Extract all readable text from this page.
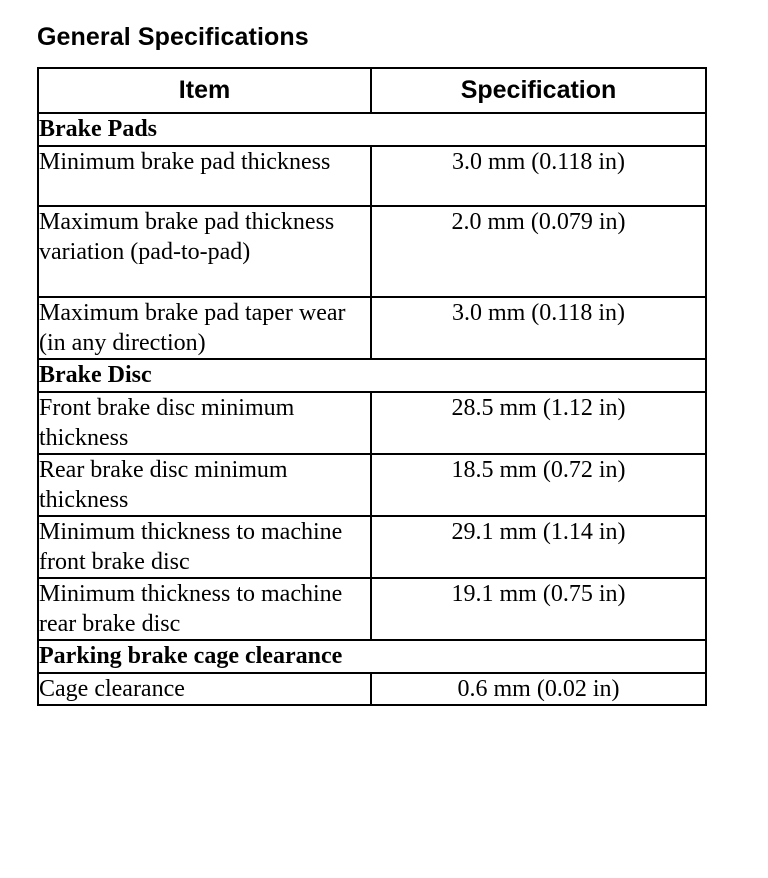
General Specifications
Item	Specification
Brake Pads	
Minimum brake pad thickness	3.0 mm (0.118 in)
Maximum brake pad thickness variation (pad-to-pad)	2.0 mm (0.079 in)
Maximum brake pad taper wear (in any direction)	3.0 mm (0.118 in)
Brake Disc	
Front brake disc minimum thickness	28.5 mm (1.12 in)
Rear brake disc minimum thickness	18.5 mm (0.72 in)
Minimum thickness to machine front brake disc	29.1 mm (1.14 in)
Minimum thickness to machine rear brake disc	19.1 mm (0.75 in)
Parking brake cage clearance	
Cage clearance	0.6 mm (0.02 in)
